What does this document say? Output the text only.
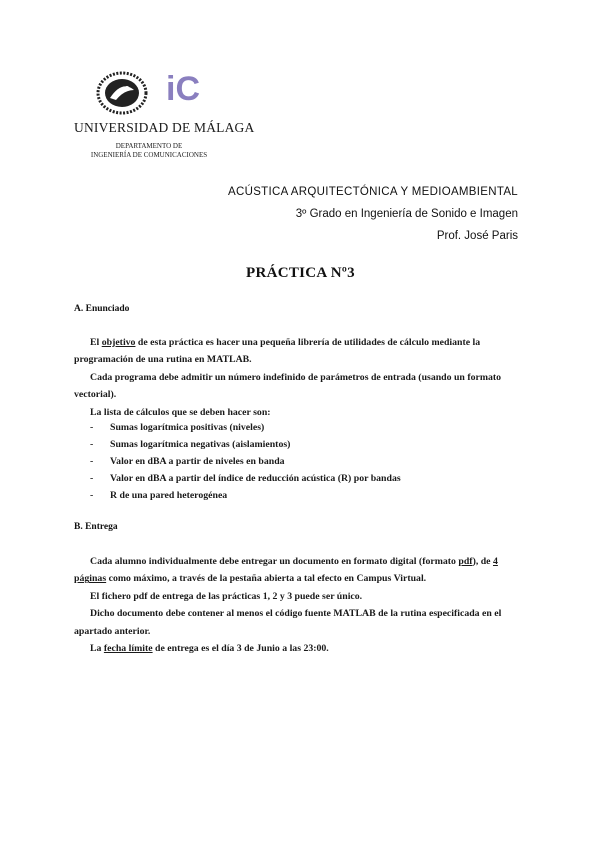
iC
UNIVERSIDAD DE MÁLAGA
DEPARTAMENTO DE
INGENIERÍA DE COMUNICACIONES
ACÚSTICA ARQUITECTÓNICA Y MEDIOAMBIENTAL
3º Grado en Ingeniería de Sonido e Imagen
Prof. José Paris
PRÁCTICA Nº3
A. Enunciado

El objetivo de esta práctica es hacer una pequeña librería de utilidades de cálculo mediante la programación de una rutina en MATLAB.

Cada programa debe admitir un número indefinido de parámetros de entrada (usando un formato vectorial).

La lista de cálculos que se deben hacer son:

-	Sumas logarítmica positivas (niveles)
-	Sumas logarítmica negativas (aislamientos)
-	Valor en dBA a partir de niveles en banda
-	Valor en dBA a partir del índice de reducción acústica (R) por bandas
-	R de una pared heterogénea
B. Entrega

Cada alumno individualmente debe entregar un documento en formato digital (formato pdf), de 4 páginas como máximo, a través de la pestaña abierta a tal efecto en Campus Virtual.

El fichero pdf de entrega de las prácticas 1, 2 y 3 puede ser único.

Dicho documento debe contener al menos el código fuente MATLAB de la rutina especificada en el apartado anterior.

La fecha límite de entrega es el día 3 de Junio a las 23:00.
